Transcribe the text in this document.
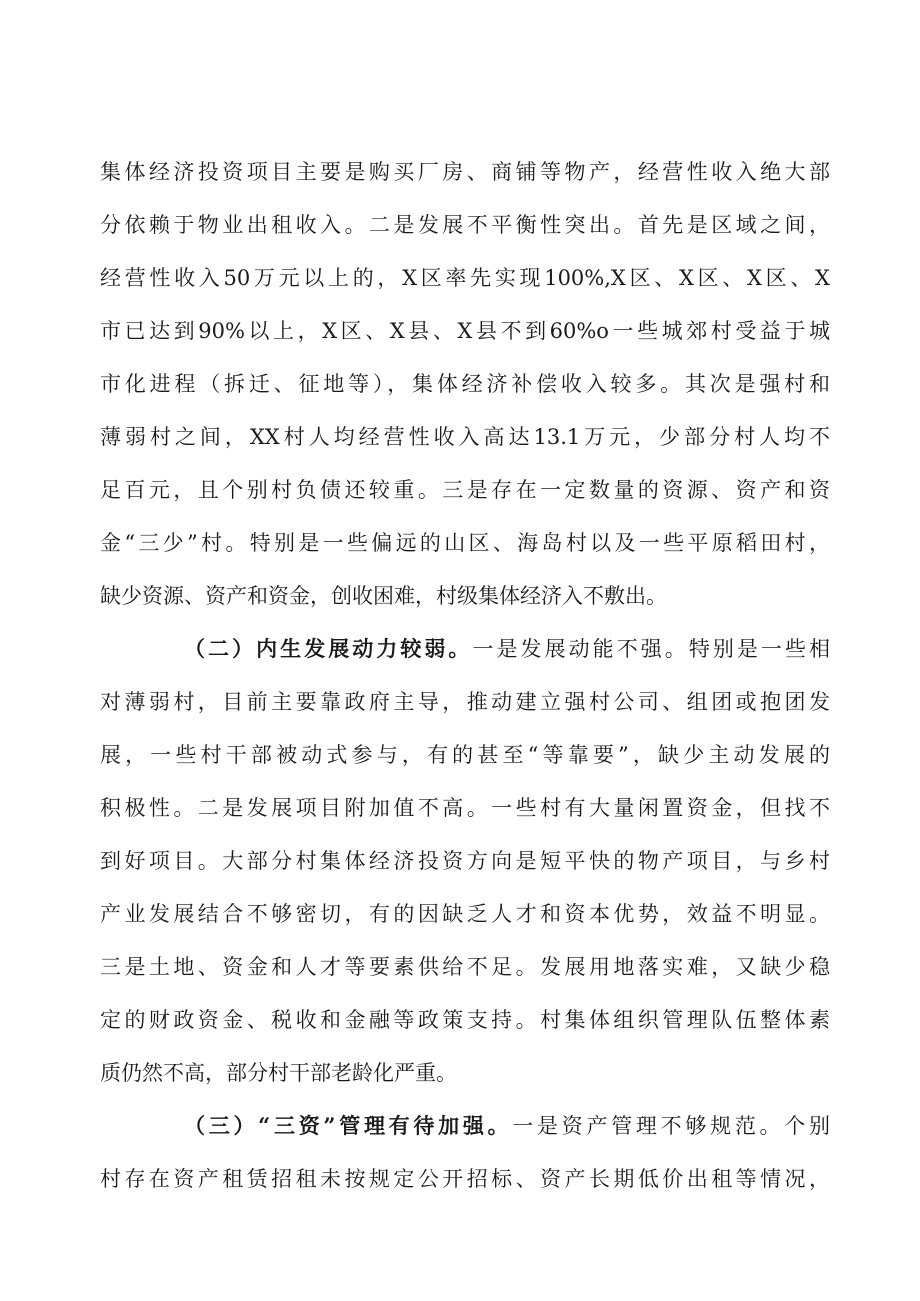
集体经济投资项目主要是购买厂房、商铺等物产，经营性收入绝大部
分依赖于物业出租收入。二是发展不平衡性突出。首先是区域之间，
经营性收入50万元以上的，X区率先实现100%,X区、X区、X区、X
市已达到90%以上，X区、X县、X县不到60%o一些城郊村受益于城
市化进程（拆迁、征地等），集体经济补偿收入较多。其次是强村和
薄弱村之间，XX村人均经营性收入高达13.1万元，少部分村人均不
足百元，且个别村负债还较重。三是存在一定数量的资源、资产和资
金“三少”村。特别是一些偏远的山区、海岛村以及一些平原稻田村，
缺少资源、资产和资金，创收困难，村级集体经济入不敷出。
（二）内生发展动力较弱。一是发展动能不强。特别是一些相
对薄弱村，目前主要靠政府主导，推动建立强村公司、组团或抱团发
展，一些村干部被动式参与，有的甚至“等靠要”，缺少主动发展的
积极性。二是发展项目附加值不高。一些村有大量闲置资金，但找不
到好项目。大部分村集体经济投资方向是短平快的物产项目，与乡村
产业发展结合不够密切，有的因缺乏人才和资本优势，效益不明显。
三是土地、资金和人才等要素供给不足。发展用地落实难，又缺少稳
定的财政资金、税收和金融等政策支持。村集体组织管理队伍整体素
质仍然不高，部分村干部老龄化严重。
（三）“三资”管理有待加强。一是资产管理不够规范。个别
村存在资产租赁招租未按规定公开招标、资产长期低价出租等情况，
